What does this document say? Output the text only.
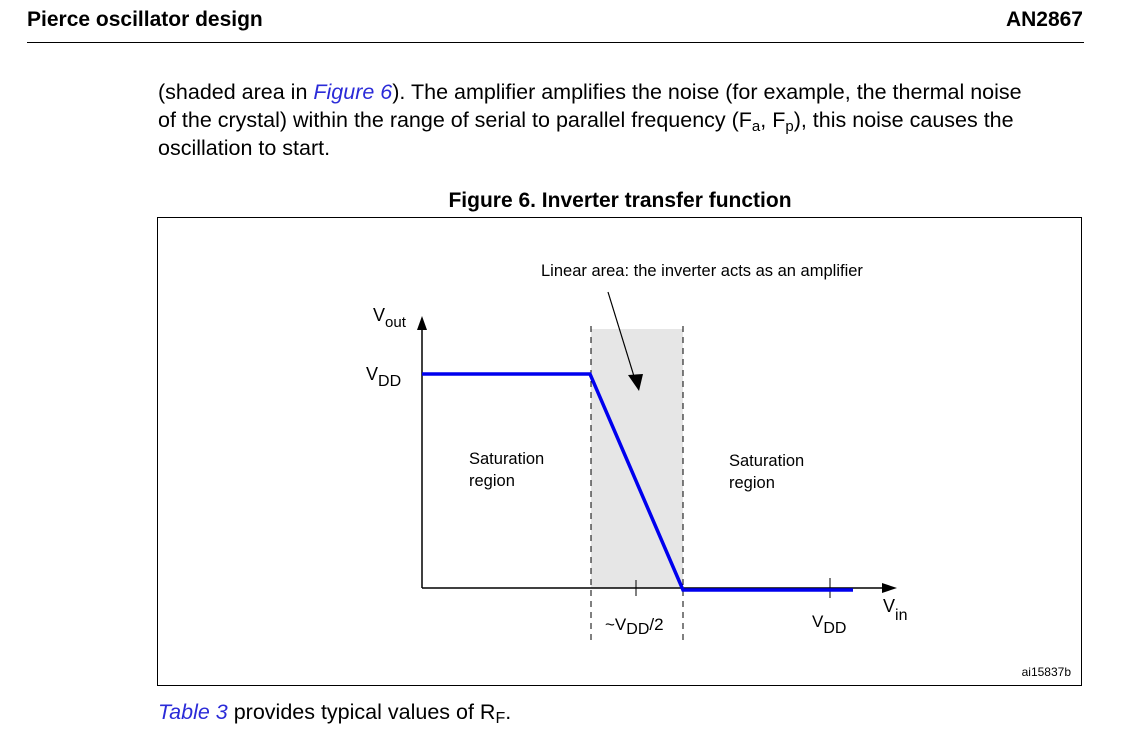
Pierce oscillator design	AN2867
(shaded area in Figure 6). The amplifier amplifies the noise (for example, the thermal noise
of the crystal) within the range of serial to parallel frequency ($F_a$, $F_p$), this noise causes the
oscillation to start.
Figure 6. Inverter transfer function
Linear area: the inverter acts as an amplifier
$V_{out}$
VDD
Saturation
region
Saturation
region
~VDD/2	VDD
Vin
ai15837b
Table 3 provides typical values of $R_F$.
